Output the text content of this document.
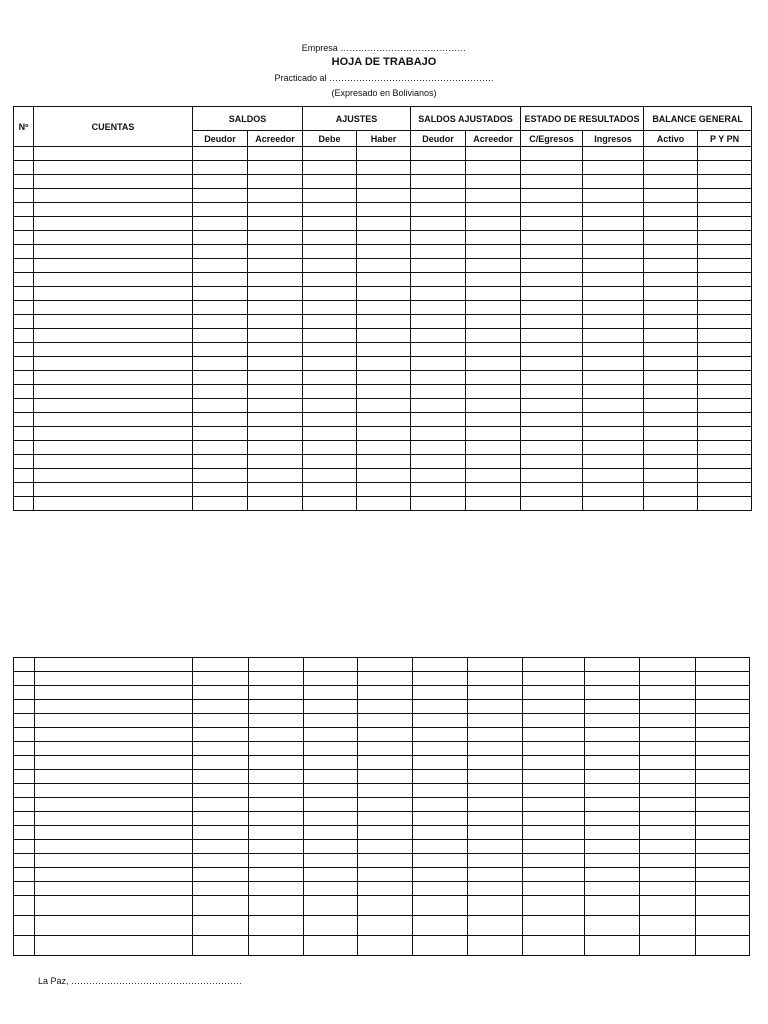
Empresa ……………………………………
HOJA DE TRABAJO
Practicado al ……………………………………………….
(Expresado en Bolivianos)
Nº	CUENTAS	SALDOS		AJUSTES		SALDOS AJUSTADOS		ESTADO DE RESULTADOS		BALANCE GENERAL	
		Deudor	Acreedor	Debe	Haber	Deudor	Acreedor	C/Egresos	Ingresos	Activo	P Y PN

La Paz, …………………………………………………
